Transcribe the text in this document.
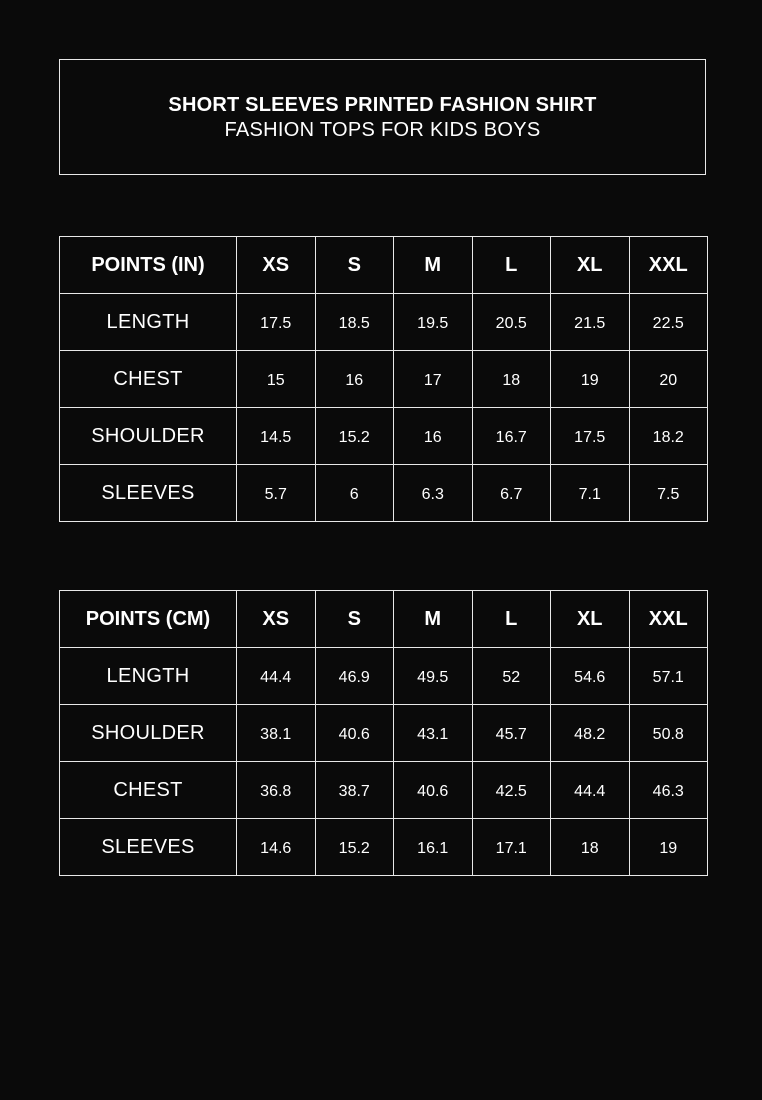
SHORT SLEEVES PRINTED FASHION SHIRT
FASHION TOPS FOR KIDS BOYS
POINTS (IN)	XS	S	M	L	XL	XXL
LENGTH	17.5	18.5	19.5	20.5	21.5	22.5
CHEST	15	16	17	18	19	20
SHOULDER	14.5	15.2	16	16.7	17.5	18.2
SLEEVES	5.7	6	6.3	6.7	7.1	7.5
POINTS (CM)	XS	S	M	L	XL	XXL
LENGTH	44.4	46.9	49.5	52	54.6	57.1
SHOULDER	38.1	40.6	43.1	45.7	48.2	50.8
CHEST	36.8	38.7	40.6	42.5	44.4	46.3
SLEEVES	14.6	15.2	16.1	17.1	18	19
